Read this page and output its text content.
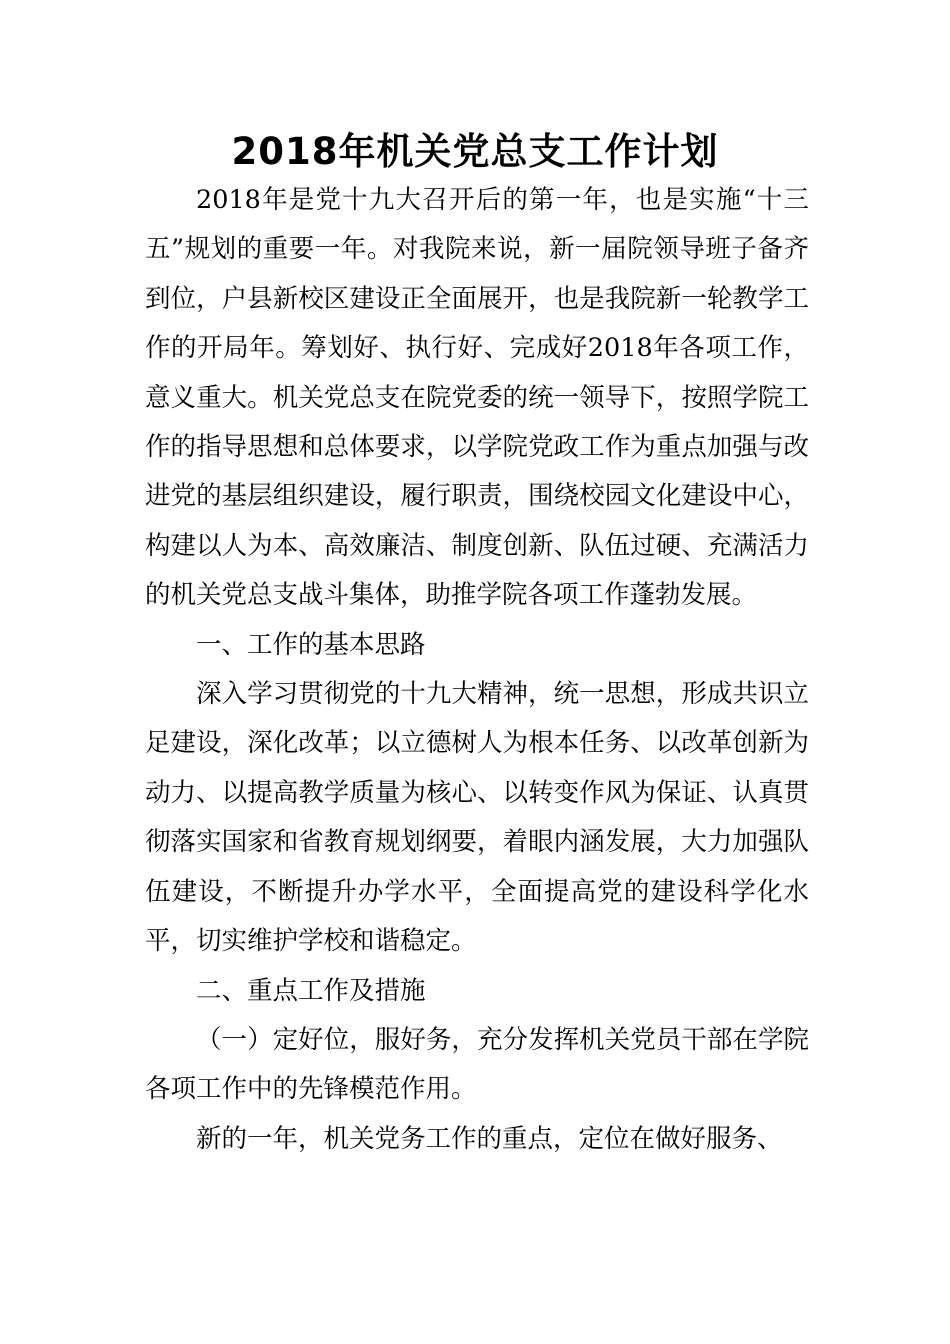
2018年机关党总支工作计划

2018年是党十九大召开后的第一年，也是实施“十三五”规划的重要一年。对我院来说，新一届院领导班子备齐到位，户县新校区建设正全面展开，也是我院新一轮教学工作的开局年。筹划好、执行好、完成好2018年各项工作，意义重大。机关党总支在院党委的统一领导下，按照学院工作的指导思想和总体要求，以学院党政工作为重点加强与改进党的基层组织建设，履行职责，围绕校园文化建设中心，构建以人为本、高效廉洁、制度创新、队伍过硬、充满活力的机关党总支战斗集体，助推学院各项工作蓬勃发展。

一、工作的基本思路

深入学习贯彻党的十九大精神，统一思想，形成共识立足建设，深化改革；以立德树人为根本任务、以改革创新为动力、以提高教学质量为核心、以转变作风为保证、认真贯彻落实国家和省教育规划纲要，着眼内涵发展，大力加强队伍建设，不断提升办学水平，全面提高党的建设科学化水平，切实维护学校和谐稳定。

二、重点工作及措施

（一）定好位，服好务，充分发挥机关党员干部在学院各项工作中的先锋模范作用。

新的一年，机关党务工作的重点，定位在做好服务、
